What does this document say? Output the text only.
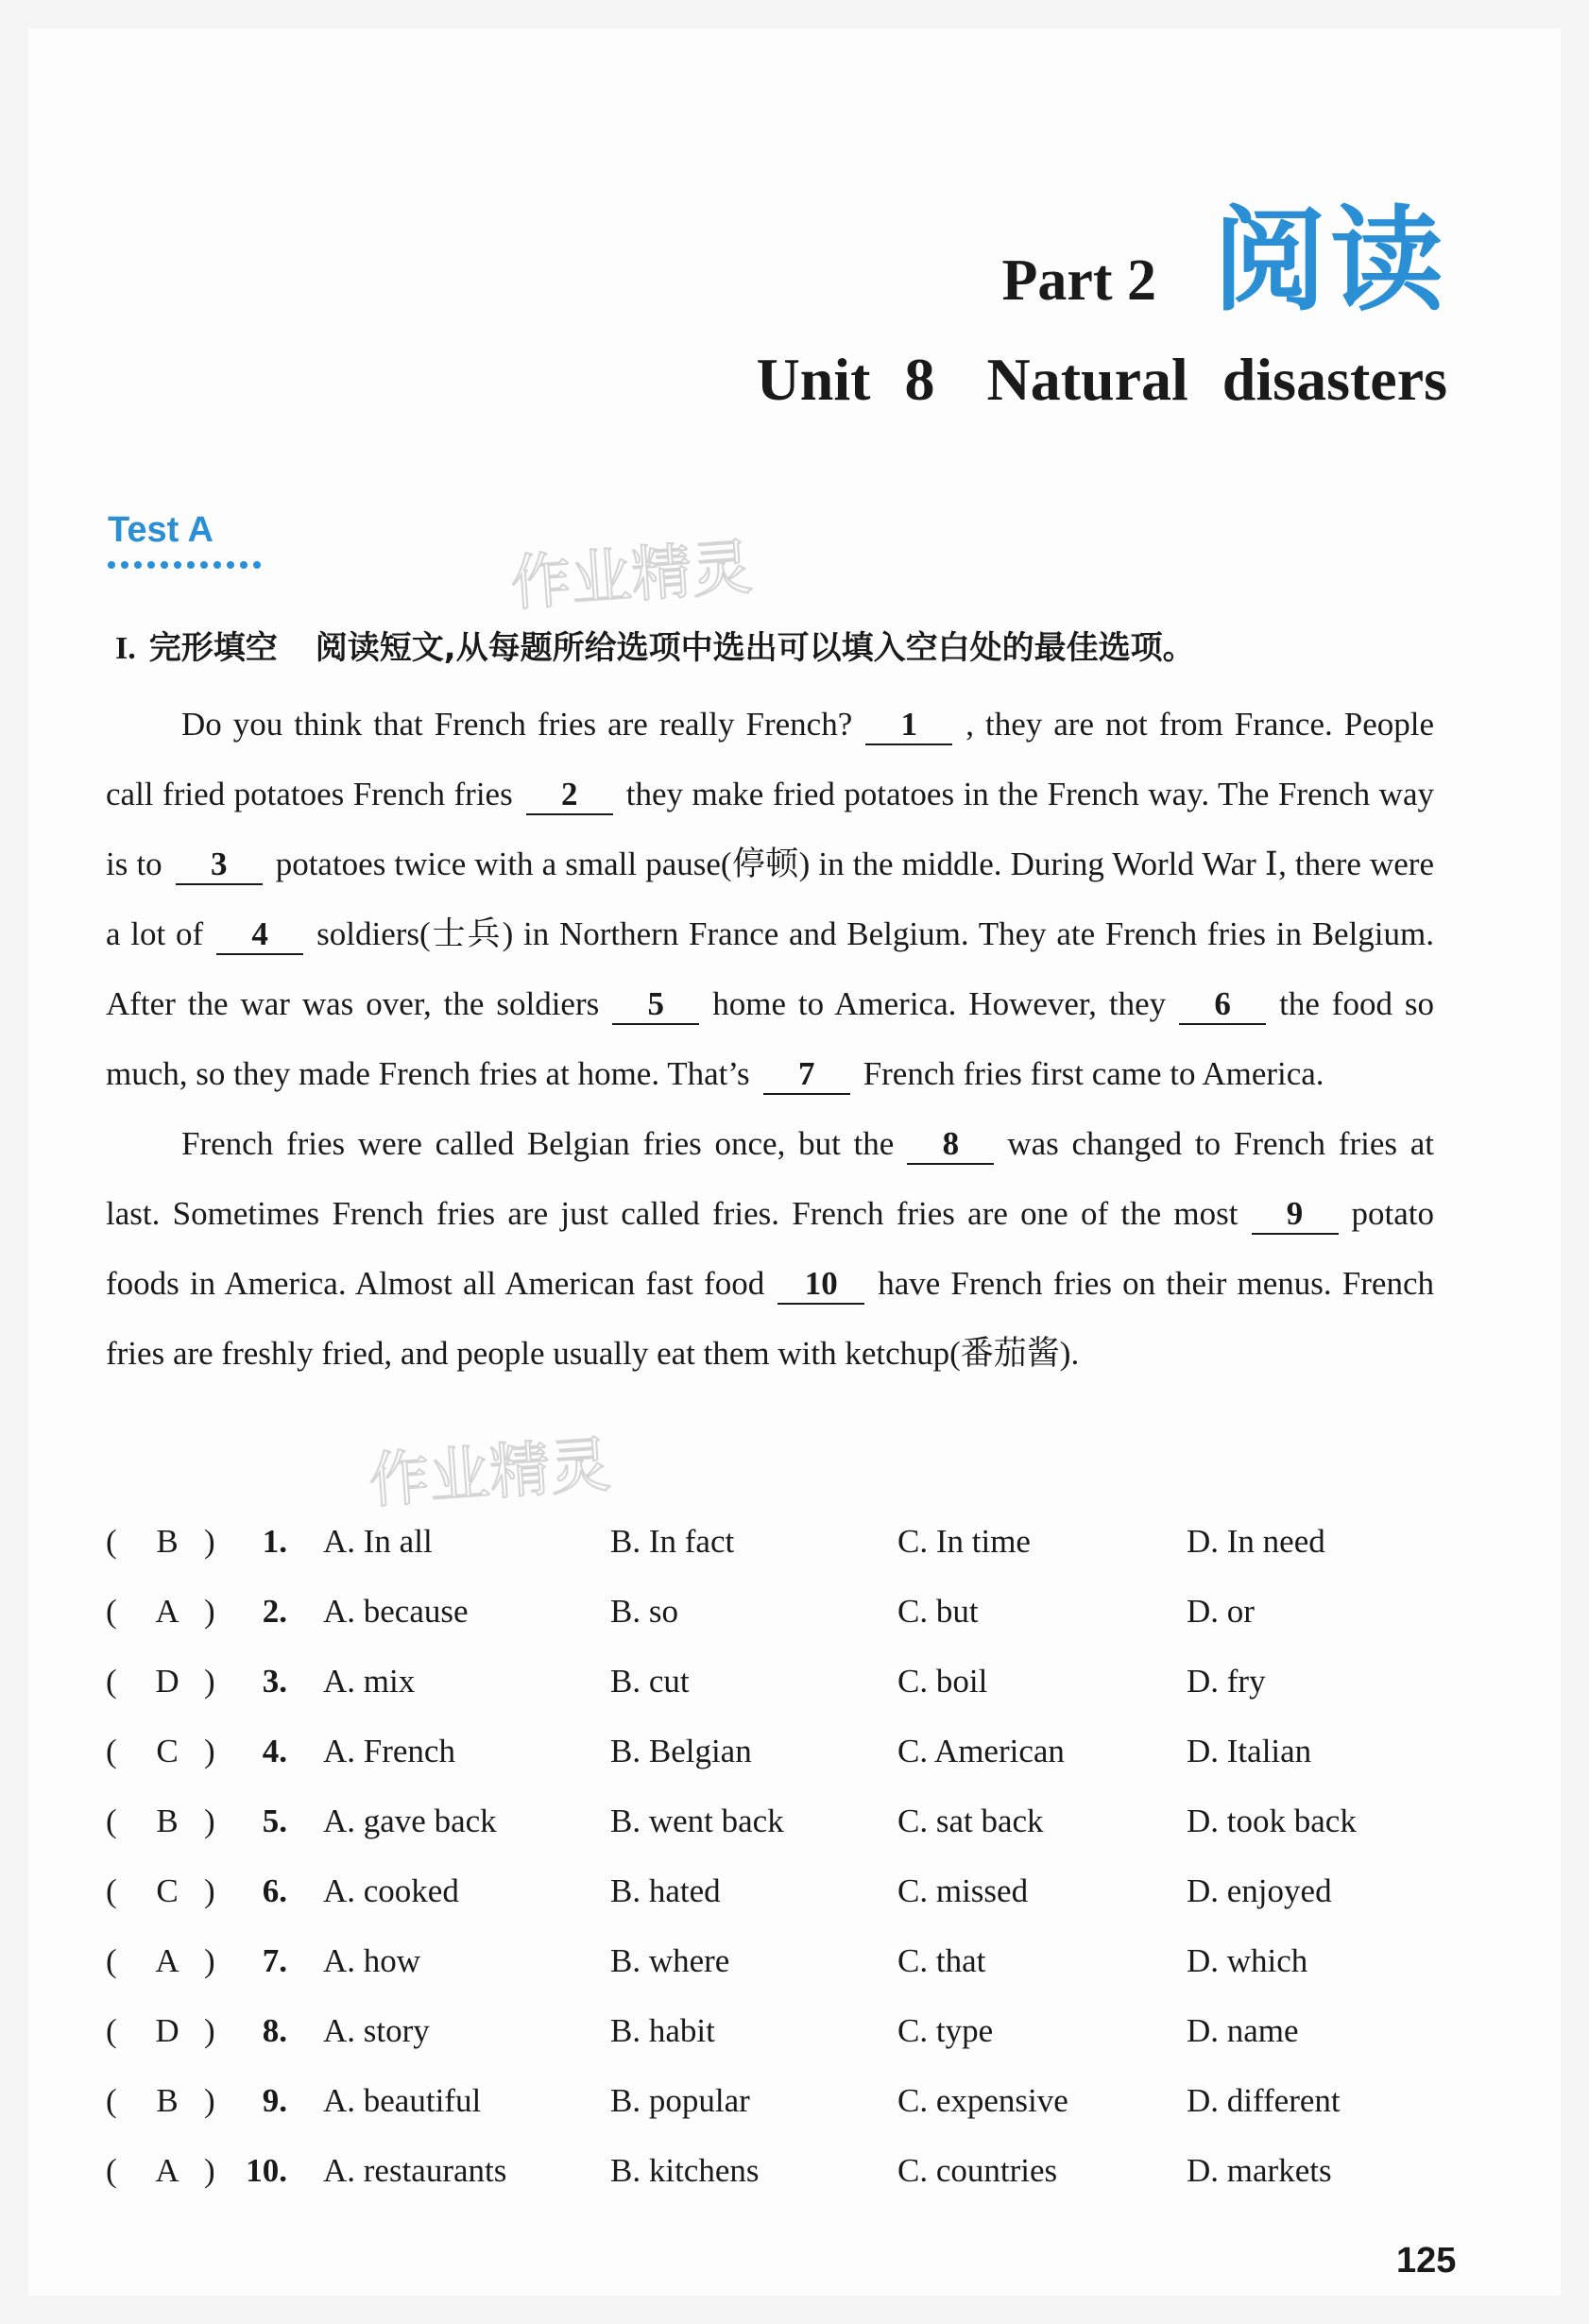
Part 2 阅读
Unit 8 Natural disasters
Test A
作业精灵
作业精灵
I. 完形填空 阅读短文,从每题所给选项中选出可以填入空白处的最佳选项。

Do you think that French fries are really French? 1 , they are not from France. People call fried potatoes French fries 2 they make fried potatoes in the French way. The French way is to 3 potatoes twice with a small pause(停顿) in the middle. During World War Ⅰ, there were a lot of 4 soldiers(士兵) in Northern France and Belgium. They ate French fries in Belgium. After the war was over, the soldiers 5 home to America. However, they 6 the food so much, so they made French fries at home. That’s 7 French fries first came to America.

French fries were called Belgian fries once, but the 8 was changed to French fries at last. Sometimes French fries are just called fries. French fries are one of the most 9 potato foods in America. Almost all American fast food 10 have French fries on their menus. French fries are freshly fried, and people usually eat them with ketchup(番茄酱).

(	B )	1. A. In all	B. In fact	C. In time	D. In need
(	A )	2. A. because	B. so	C. but	D. or
(	D )	3. A. mix	B. cut	C. boil	D. fry
(	C )	4. A. French	B. Belgian	C. American	D. Italian
(	B )	5. A. gave back	B. went back	C. sat back	D. took back
(	C )	6. A. cooked	B. hated	C. missed	D. enjoyed
(	A )	7. A. how	B. where	C. that	D. which
(	D )	8. A. story	B. habit	C. type	D. name
(	B )	9. A. beautiful	B. popular	C. expensive	D. different
(	A ) 10. A. restaurants	B. kitchens	C. countries	D. markets
125
